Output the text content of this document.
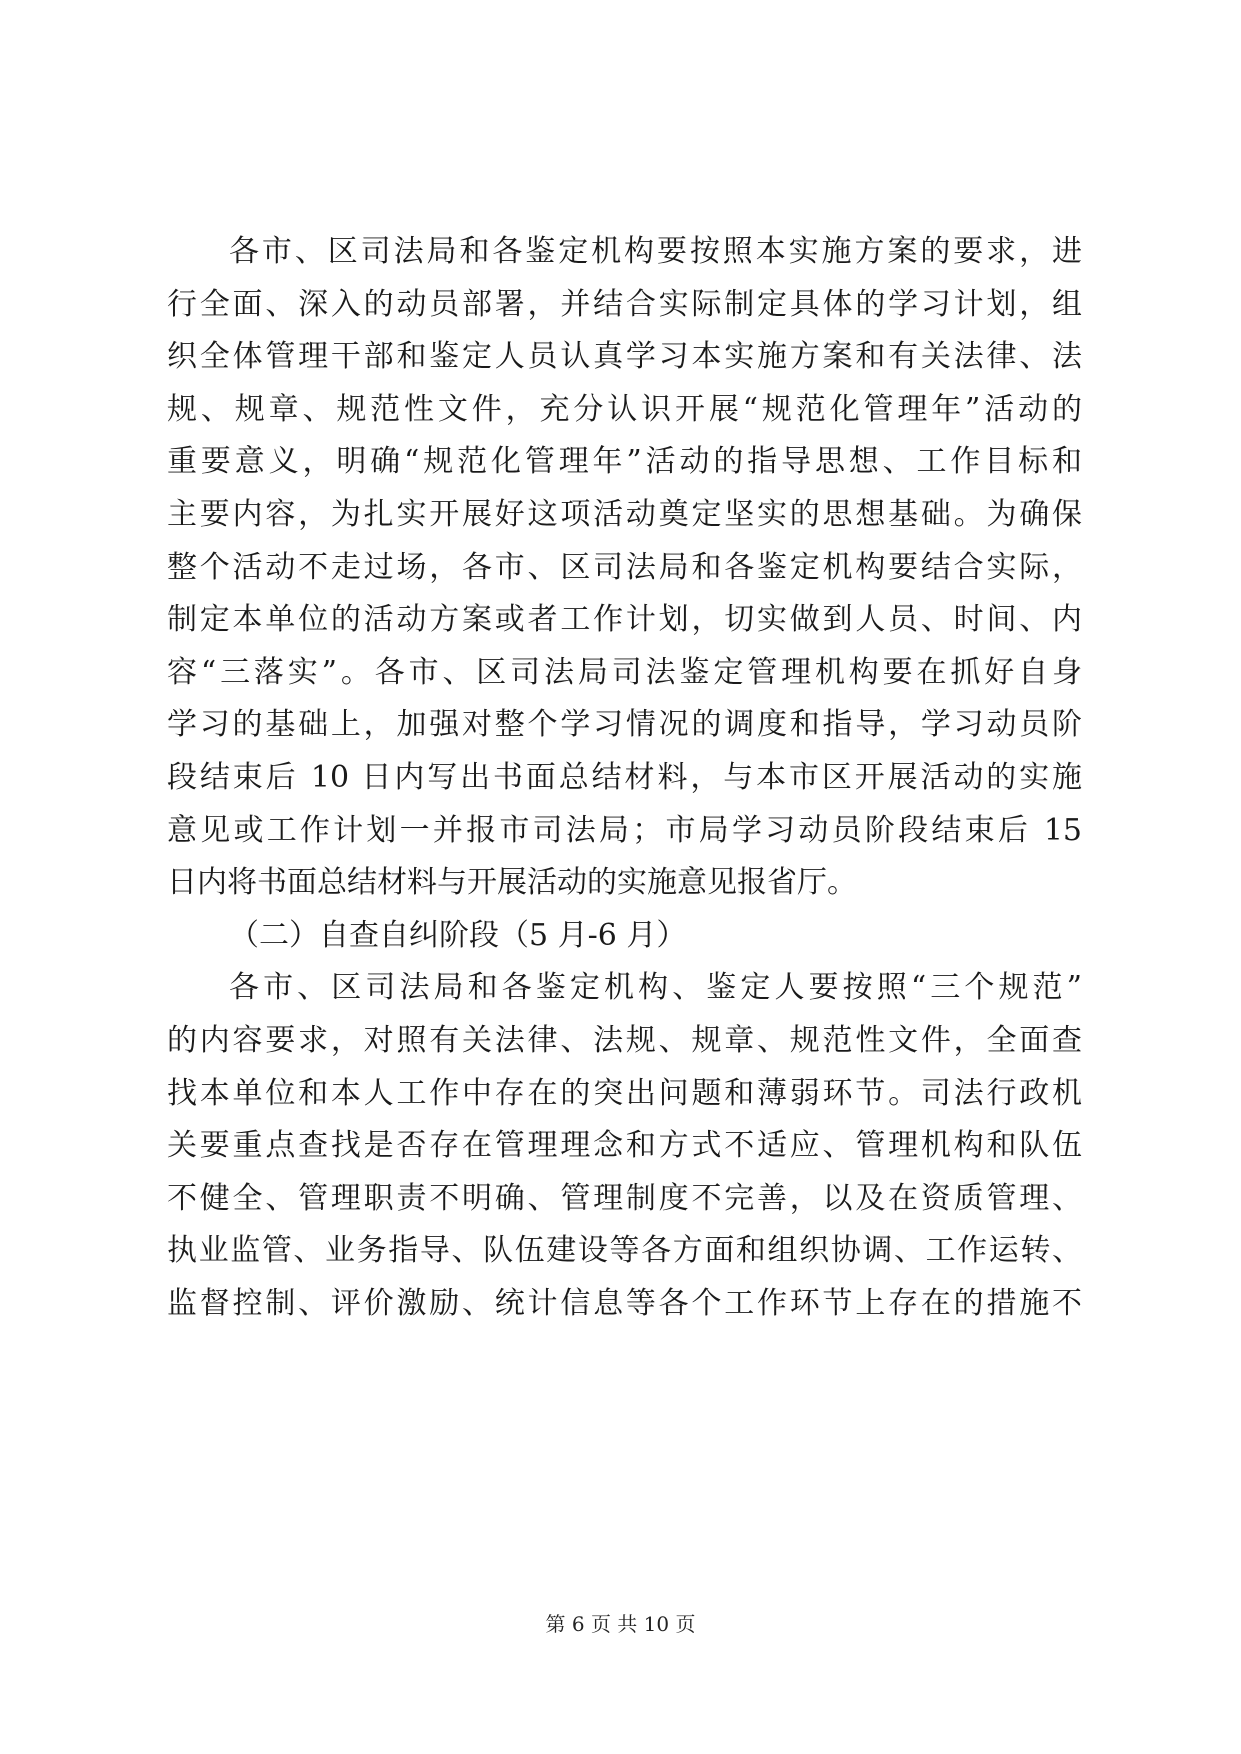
各市、区司法局和各鉴定机构要按照本实施方案的要求，进
行全面、深入的动员部署，并结合实际制定具体的学习计划，组
织全体管理干部和鉴定人员认真学习本实施方案和有关法律、法
规、规章、规范性文件，充分认识开展“规范化管理年”活动的
重要意义，明确“规范化管理年”活动的指导思想、工作目标和
主要内容，为扎实开展好这项活动奠定坚实的思想基础。为确保
整个活动不走过场，各市、区司法局和各鉴定机构要结合实际，
制定本单位的活动方案或者工作计划，切实做到人员、时间、内
容“三落实”。各市、区司法局司法鉴定管理机构要在抓好自身
学习的基础上，加强对整个学习情况的调度和指导，学习动员阶
段结束后 10 日内写出书面总结材料，与本市区开展活动的实施
意见或工作计划一并报市司法局；市局学习动员阶段结束后 15
日内将书面总结材料与开展活动的实施意见报省厅。
（二）自查自纠阶段（5 月-6 月）
各市、区司法局和各鉴定机构、鉴定人要按照“三个规范”
的内容要求，对照有关法律、法规、规章、规范性文件，全面查
找本单位和本人工作中存在的突出问题和薄弱环节。司法行政机
关要重点查找是否存在管理理念和方式不适应、管理机构和队伍
不健全、管理职责不明确、管理制度不完善，以及在资质管理、
执业监管、业务指导、队伍建设等各方面和组织协调、工作运转、
监督控制、评价激励、统计信息等各个工作环节上存在的措施不
第 6 页 共 10 页
